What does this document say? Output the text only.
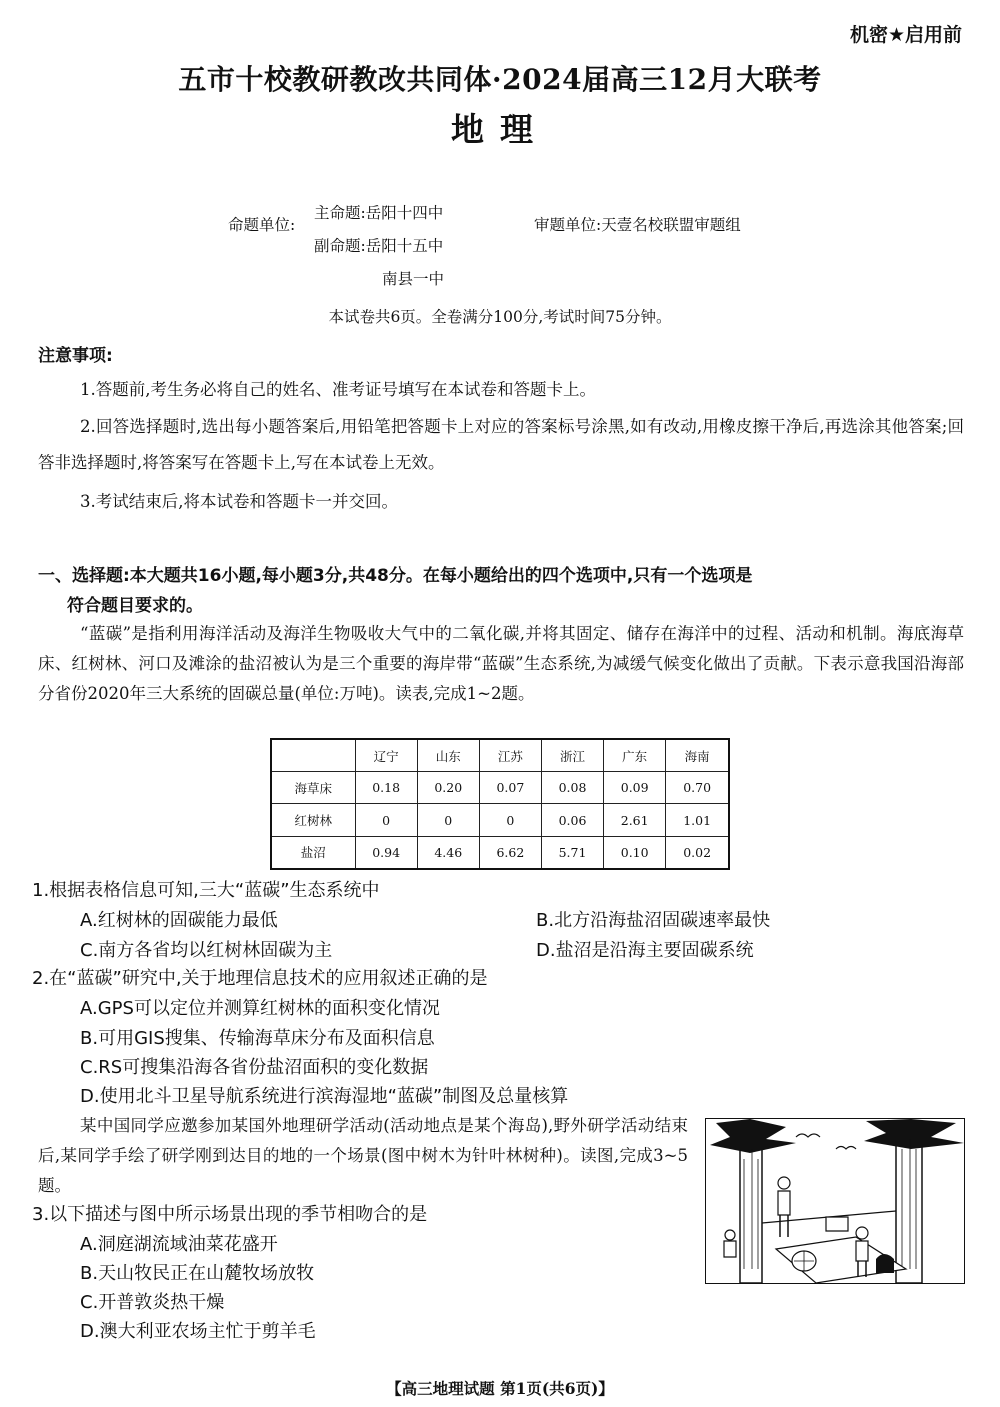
机密★启用前
五市十校教研教改共同体·2024届高三12月大联考
地理
命题单位:
主命题:岳阳十四中
副命题:岳阳十五中
南县一中
审题单位:天壹名校联盟审题组
本试卷共6页。全卷满分100分,考试时间75分钟。
注意事项:
1.答题前,考生务必将自己的姓名、准考证号填写在本试卷和答题卡上。
2.回答选择题时,选出每小题答案后,用铅笔把答题卡上对应的答案标号涂黑,如有改动,用橡皮擦干净后,再选涂其他答案;回答非选择题时,将答案写在答题卡上,写在本试卷上无效。
3.考试结束后,将本试卷和答题卡一并交回。
一、选择题:本大题共16小题,每小题3分,共48分。在每小题给出的四个选项中,只有一个选项是
符合题目要求的。
“蓝碳”是指利用海洋活动及海洋生物吸收大气中的二氧化碳,并将其固定、储存在海洋中的过程、活动和机制。海底海草床、红树林、河口及滩涂的盐沼被认为是三个重要的海岸带“蓝碳”生态系统,为减缓气候变化做出了贡献。下表示意我国沿海部分省份2020年三大系统的固碳总量(单位:万吨)。读表,完成1~2题。
	辽宁	山东	江苏	浙江	广东	海南
海草床	0.18	0.20	0.07	0.08	0.09	0.70
红树林	0	0	0	0.06	2.61	1.01
盐沼	0.94	4.46	6.62	5.71	0.10	0.02
1.根据表格信息可知,三大“蓝碳”生态系统中
A.红树林的固碳能力最低	B.北方沿海盐沼固碳速率最快
C.南方各省均以红树林固碳为主	D.盐沼是沿海主要固碳系统
2.在“蓝碳”研究中,关于地理信息技术的应用叙述正确的是
A.GPS可以定位并测算红树林的面积变化情况
B.可用GIS搜集、传输海草床分布及面积信息
C.RS可搜集沿海各省份盐沼面积的变化数据
D.使用北斗卫星导航系统进行滨海湿地“蓝碳”制图及总量核算
某中国同学应邀参加某国外地理研学活动(活动地点是某个海岛),野外研学活动结束后,某同学手绘了研学刚到达目的地的一个场景(图中树木为针叶林树种)。读图,完成3~5题。
3.以下描述与图中所示场景出现的季节相吻合的是
A.洞庭湖流域油菜花盛开
B.天山牧民正在山麓牧场放牧
C.开普敦炎热干燥
D.澳大利亚农场主忙于剪羊毛
【高三地理试题 第1页(共6页)】
